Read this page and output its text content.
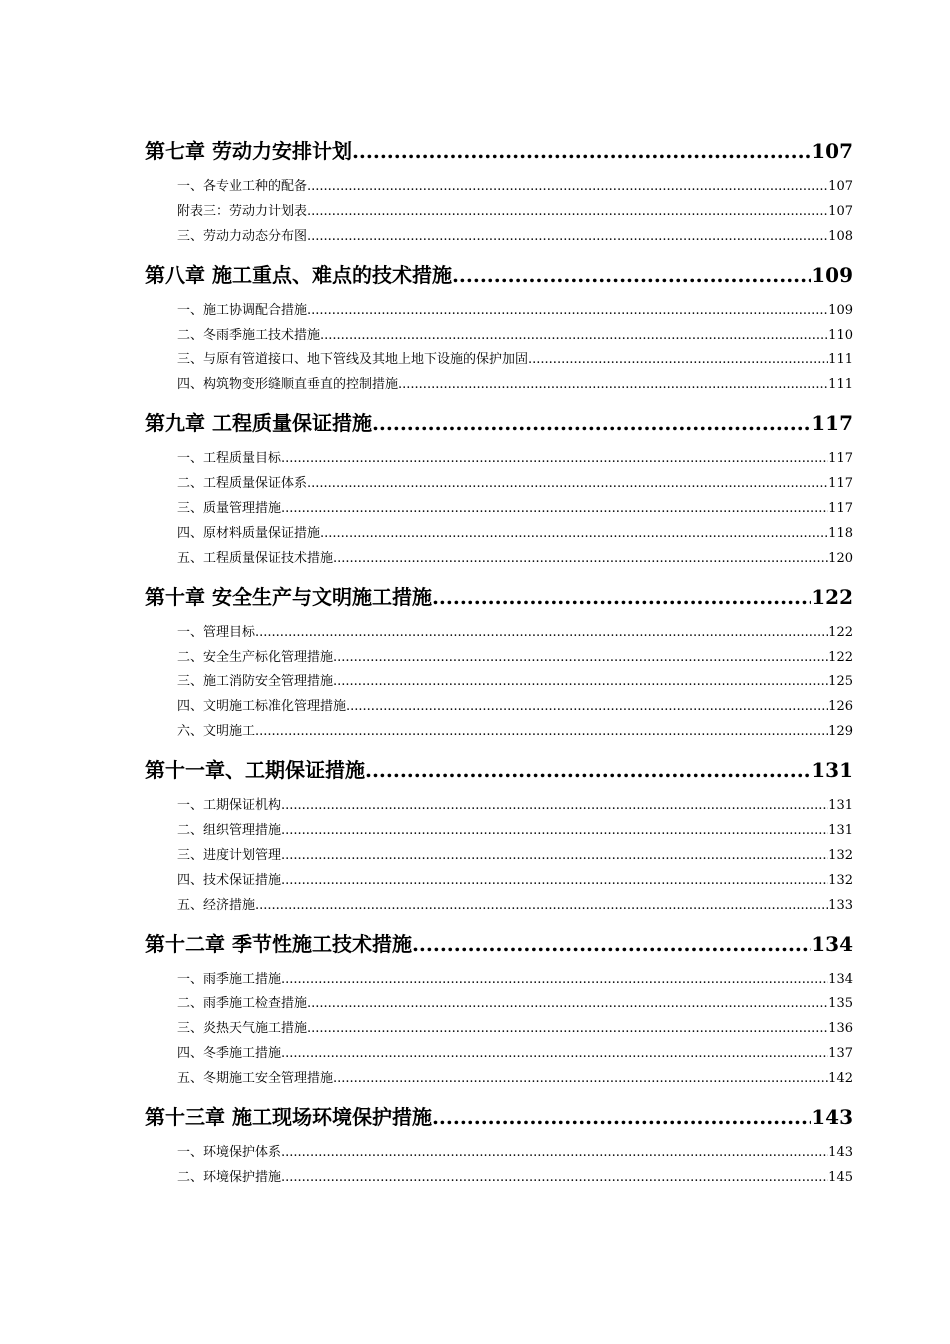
第七章 劳动力安排计划 .....	107
一、各专业工种的配备 .....	107
附表三：劳动力计划表 .....	107
三、劳动力动态分布图 .....	108
第八章 施工重点、难点的技术措施 .....	109
一、施工协调配合措施 .....	109
二、冬雨季施工技术措施 .....	110
三、与原有管道接口、地下管线及其地上地下设施的保护加固 .....	111
四、构筑物变形缝顺直垂直的控制措施 .....	111
第九章 工程质量保证措施 .....	117
一、工程质量目标 .....	117
二、工程质量保证体系 .....	117
三、质量管理措施 .....	117
四、原材料质量保证措施 .....	118
五、工程质量保证技术措施 .....	120
第十章 安全生产与文明施工措施 .....	122
一、管理目标 .....	122
二、安全生产标化管理措施 .....	122
三、施工消防安全管理措施 .....	125
四、文明施工标准化管理措施 .....	126
六、文明施工 .....	129
第十一章、工期保证措施 .....	131
一、工期保证机构 .....	131
二、组织管理措施 .....	131
三、进度计划管理 .....	132
四、技术保证措施 .....	132
五、经济措施 .....	133
第十二章 季节性施工技术措施 .....	134
一、雨季施工措施 .....	134
二、雨季施工检查措施 .....	135
三、炎热天气施工措施 .....	136
四、冬季施工措施 .....	137
五、冬期施工安全管理措施 .....	142
第十三章 施工现场环境保护措施 .....	143
一、环境保护体系 .....	143
二、环境保护措施 .....	145
